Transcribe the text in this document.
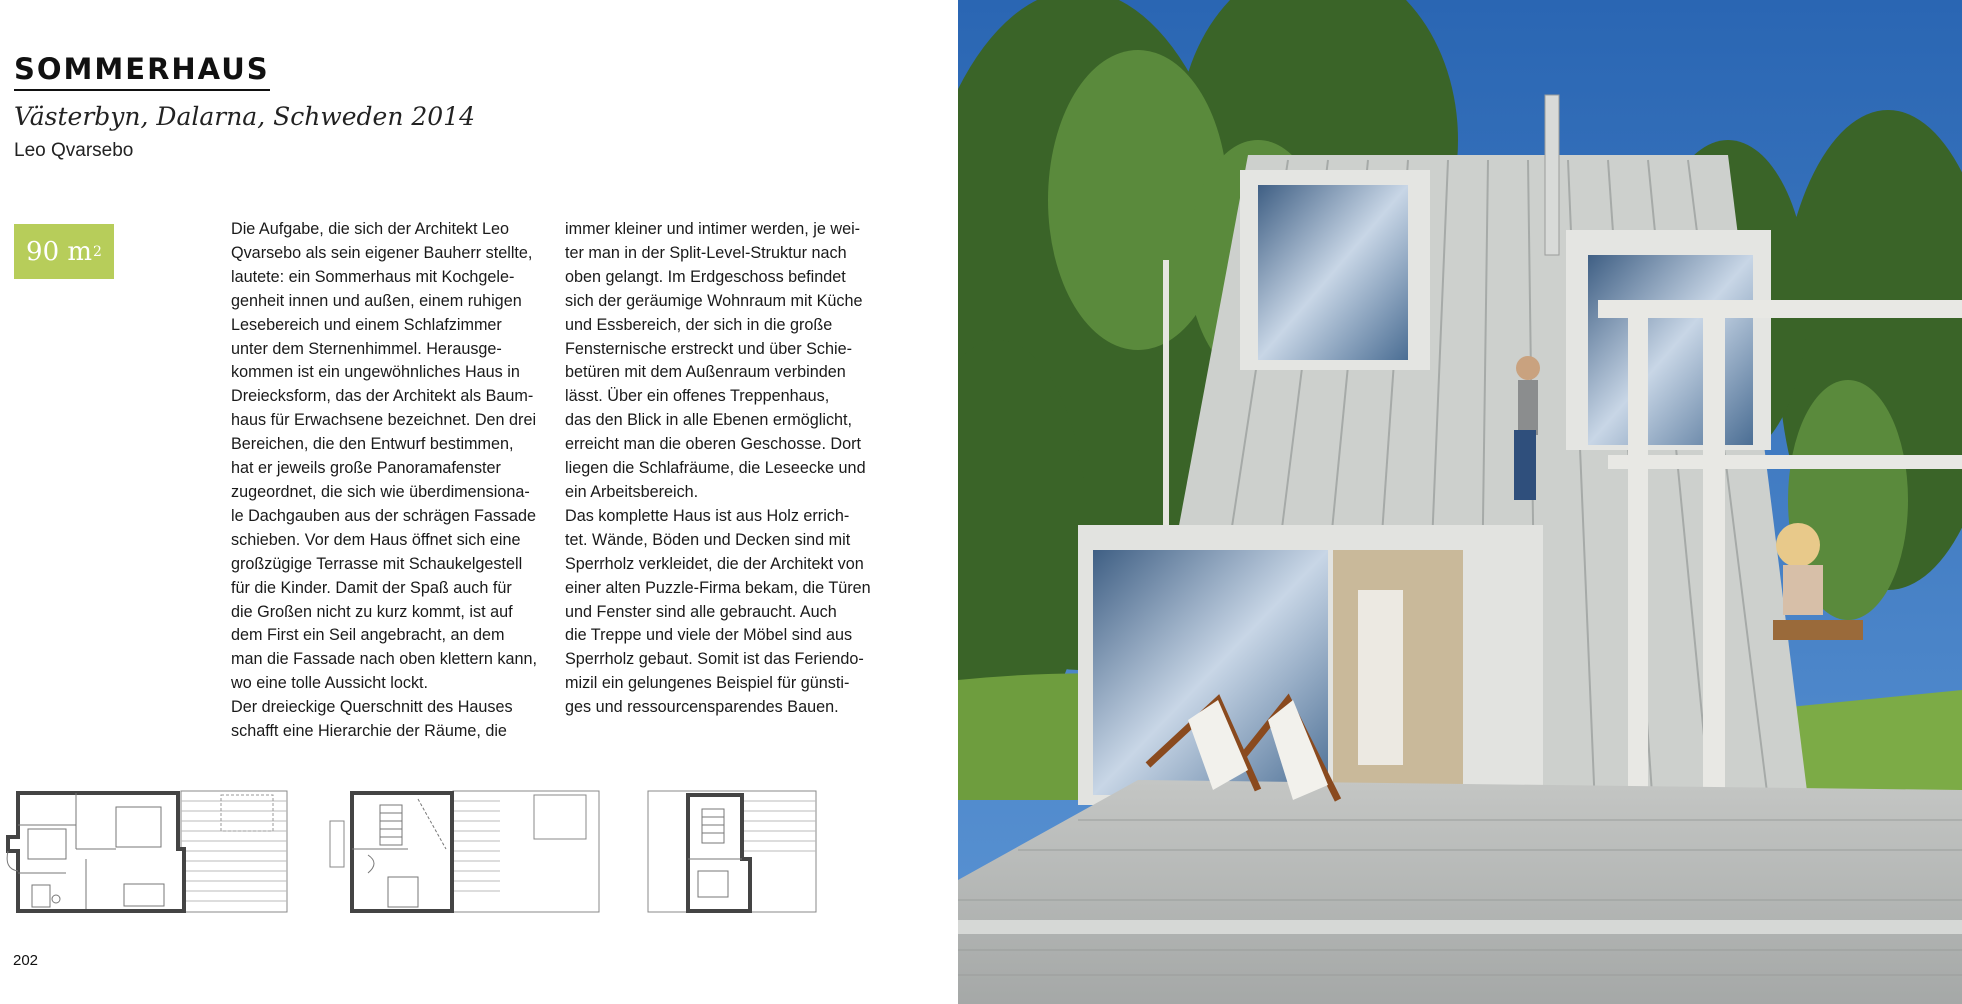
SOMMERHAUS
Västerbyn, Dalarna, Schweden 2014
Leo Qvarsebo
90 m 2
Die Aufgabe, die sich der Architekt Leo
Qvarsebo als sein eigener Bauherr stellte,
lautete: ein Sommerhaus mit Kochgele-
genheit innen und außen, einem ruhigen
Lesebereich und einem Schlafzimmer
unter dem Sternenhimmel. Herausge-
kommen ist ein ungewöhnliches Haus in
Dreiecksform, das der Architekt als Baum-
haus für Erwachsene bezeichnet. Den drei
Bereichen, die den Entwurf bestimmen,
hat er jeweils große Panoramafenster
zugeordnet, die sich wie überdimensiona-
le Dachgauben aus der schrägen Fassade
schieben. Vor dem Haus öffnet sich eine
großzügige Terrasse mit Schaukelgestell
für die Kinder. Damit der Spaß auch für
die Großen nicht zu kurz kommt, ist auf
dem First ein Seil angebracht, an dem
man die Fassade nach oben klettern kann,
wo eine tolle Aussicht lockt.
Der dreieckige Querschnitt des Hauses
schafft eine Hierarchie der Räume, die
immer kleiner und intimer werden, je wei-
ter man in der Split-Level-Struktur nach
oben gelangt. Im Erdgeschoss befindet
sich der geräumige Wohnraum mit Küche
und Essbereich, der sich in die große
Fensternische erstreckt und über Schie-
betüren mit dem Außenraum verbinden
lässt. Über ein offenes Treppenhaus,
das den Blick in alle Ebenen ermöglicht,
erreicht man die oberen Geschosse. Dort
liegen die Schlafräume, die Leseecke und
ein Arbeitsbereich.
Das komplette Haus ist aus Holz errich-
tet. Wände, Böden und Decken sind mit
Sperrholz verkleidet, die der Architekt von
einer alten Puzzle-Firma bekam, die Türen
und Fenster sind alle gebraucht. Auch
die Treppe und viele der Möbel sind aus
Sperrholz gebaut. Somit ist das Feriendo-
mizil ein gelungenes Beispiel für günsti-
ges und ressourcensparendes Bauen.
202
